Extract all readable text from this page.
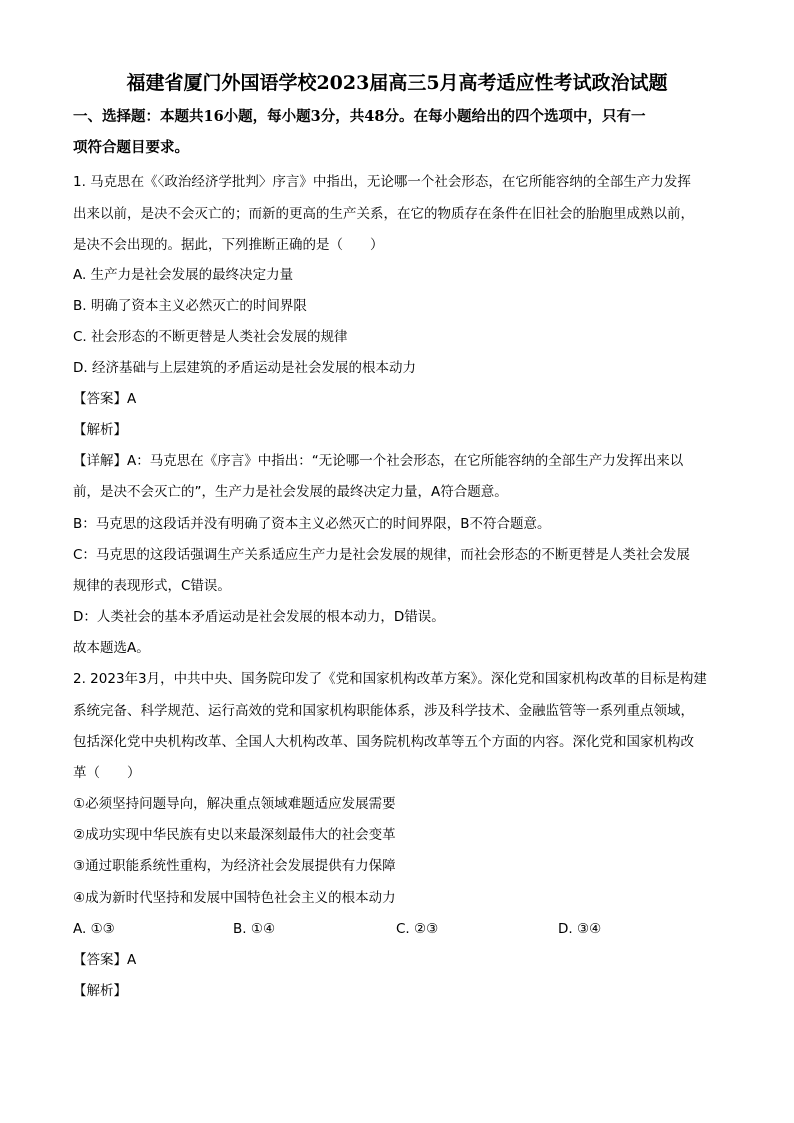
福建省厦门外国语学校2023届高三5月高考适应性考试政治试题
一、选择题：本题共16小题，每小题3分，共48分。在每小题给出的四个选项中，只有一
项符合题目要求。
1. 马克思在《〈政治经济学批判〉序言》中指出，无论哪一个社会形态，在它所能容纳的全部生产力发挥
出来以前，是决不会灭亡的；而新的更高的生产关系，在它的物质存在条件在旧社会的胎胞里成熟以前，
是决不会出现的。据此，下列推断正确的是（　　）
A. 生产力是社会发展的最终决定力量
B. 明确了资本主义必然灭亡的时间界限
C. 社会形态的不断更替是人类社会发展的规律
D. 经济基础与上层建筑的矛盾运动是社会发展的根本动力
【答案】A
【解析】
【详解】A：马克思在《序言》中指出：“无论哪一个社会形态，在它所能容纳的全部生产力发挥出来以
前，是决不会灭亡的”，生产力是社会发展的最终决定力量，A符合题意。
B：马克思的这段话并没有明确了资本主义必然灭亡的时间界限，B不符合题意。
C：马克思的这段话强调生产关系适应生产力是社会发展的规律，而社会形态的不断更替是人类社会发展
规律的表现形式，C错误。
D：人类社会的基本矛盾运动是社会发展的根本动力，D错误。
故本题选A。
2. 2023年3月，中共中央、国务院印发了《党和国家机构改革方案》。深化党和国家机构改革的目标是构建
系统完备、科学规范、运行高效的党和国家机构职能体系，涉及科学技术、金融监管等一系列重点领域，
包括深化党中央机构改革、全国人大机构改革、国务院机构改革等五个方面的内容。深化党和国家机构改
革（　　）
①必须坚持问题导向，解决重点领域难题适应发展需要
②成功实现中华民族有史以来最深刻最伟大的社会变革
③通过职能系统性重构，为经济社会发展提供有力保障
④成为新时代坚持和发展中国特色社会主义的根本动力
A. ①③	B. ①④	C. ②③	D. ③④
【答案】A
【解析】
